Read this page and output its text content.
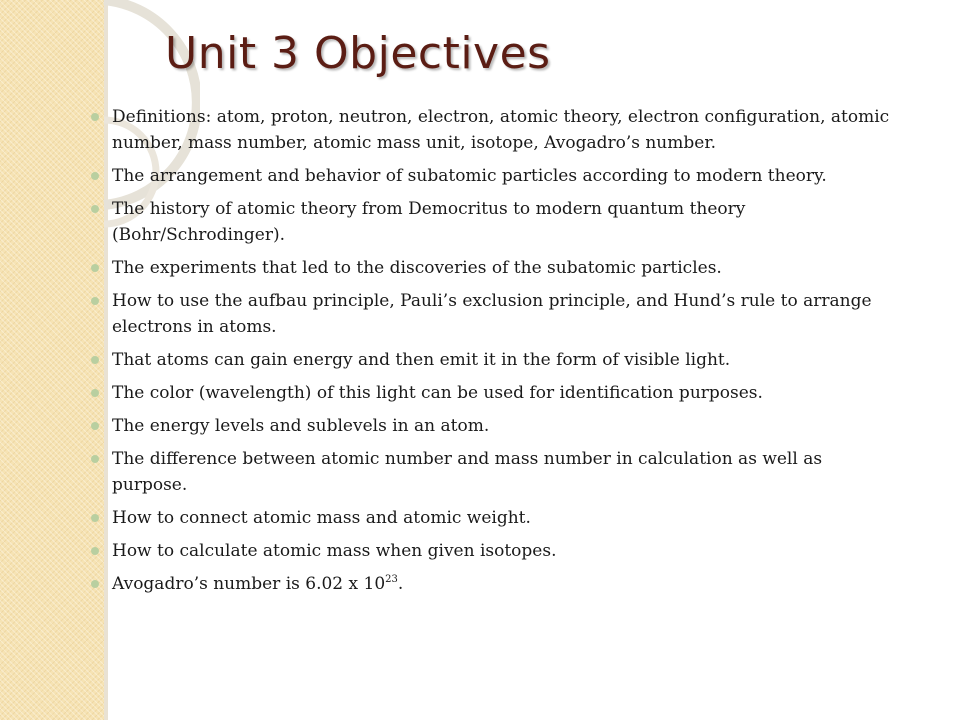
Unit 3 Objectives
Definitions: atom, proton, neutron, electron, atomic theory, electron configuration, atomic number, mass number, atomic mass unit, isotope, Avogadro’s number.
The arrangement and behavior of subatomic particles according to modern theory.
The history of atomic theory from Democritus to modern quantum theory (Bohr/Schrodinger).
The experiments that led to the discoveries of the subatomic particles.
How to use the aufbau principle, Pauli’s exclusion principle, and Hund’s rule to arrange electrons in atoms.
That atoms can gain energy and then emit it in the form of visible light.
The color (wavelength) of this light can be used for identification purposes.
The energy levels and sublevels in an atom.
The difference between atomic number and mass number in calculation as well as purpose.
How to connect atomic mass and atomic weight.
How to calculate atomic mass when given isotopes.
Avogadro’s number is 6.02 x $10^{23}$.
